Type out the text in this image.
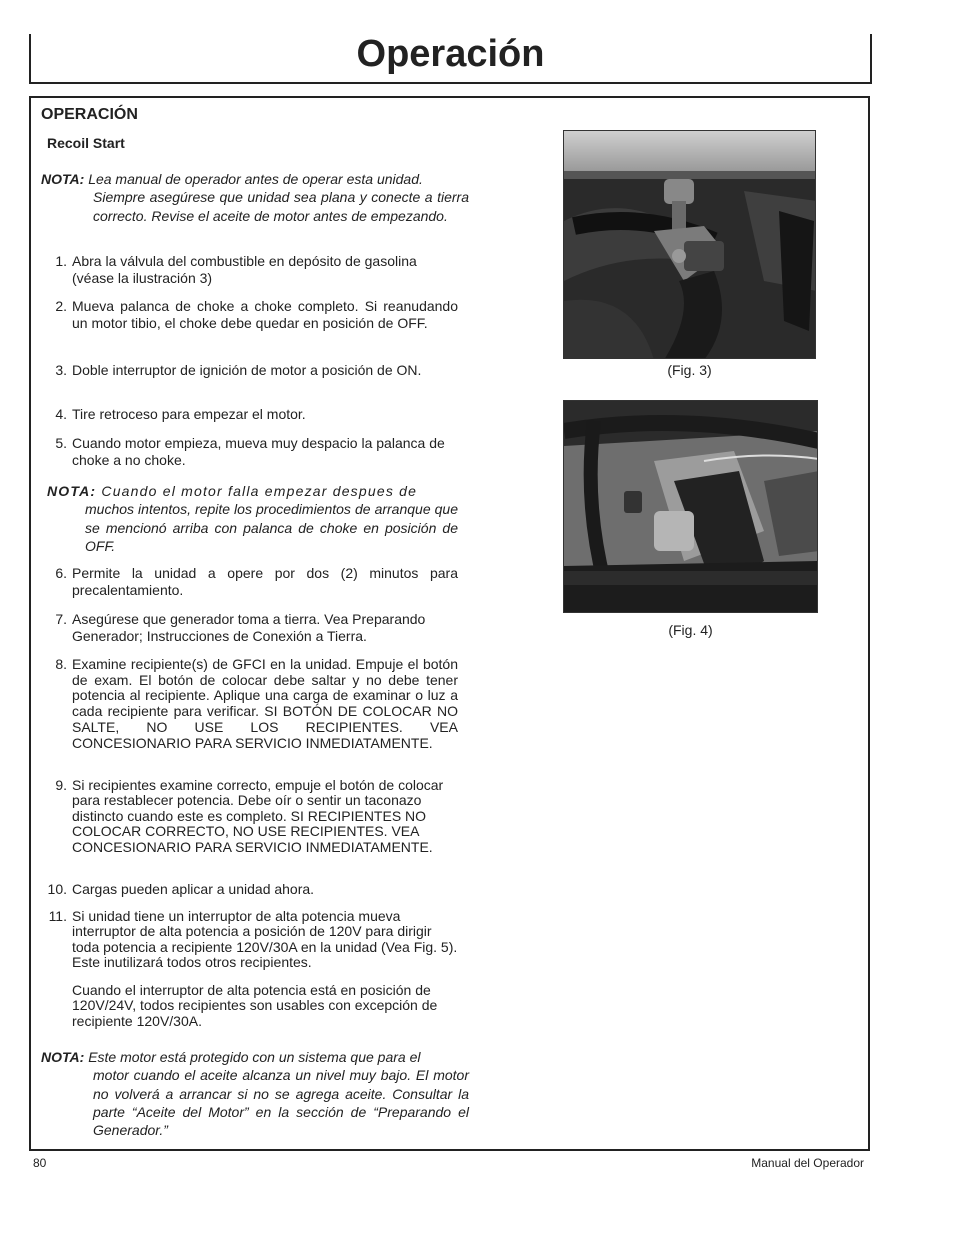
Operación
OPERACIÓN
Recoil Start
NOTA: Lea manual de operador antes de operar esta unidad.
Siempre asegúrese que unidad sea plana y conecte a tierra correcto. Revise el aceite de motor antes de empezando.
1. Abra la válvula del combustible en depósito de gasolina (véase la ilustración 3)
2. Mueva palanca de choke a choke completo. Si reanudando un motor tibio, el choke debe quedar en posición de OFF.
3. Doble interruptor de ignición de motor a posición de ON.
4. Tire retroceso para empezar el motor.
5. Cuando motor empieza, mueva muy despacio la palanca de choke a no choke.
NOTA: Cuando el motor falla empezar despues de
muchos intentos, repite los procedimientos de arranque que se mencionó arriba con palanca de choke en posición de OFF.
6. Permite la unidad a opere por dos (2) minutos para precalentamiento.
7. Asegúrese que generador toma a tierra. Vea Preparando Generador; Instrucciones de Conexión a Tierra.
8. Examine recipiente(s) de GFCI en la unidad. Empuje el botón de exam. El botón de colocar debe saltar y no debe tener potencia al recipiente. Aplique una carga de examinar o luz a cada recipiente para verificar. SI BOTÓN DE COLOCAR NO SALTE, NO USE LOS RECIPIENTES. VEA CONCESIONARIO PARA SERVICIO INMEDIATAMENTE.
9. Si recipientes examine correcto, empuje el botón de colocar para restablecer potencia. Debe oír o sentir un taconazo distincto cuando este es completo. SI RECIPIENTES NO COLOCAR CORRECTO, NO USE RECIPIENTES. VEA CONCESIONARIO PARA SERVICIO INMEDIATAMENTE.
10. Cargas pueden aplicar a unidad ahora.
11. Si unidad tiene un interruptor de alta potencia mueva interruptor de alta potencia a posición de 120V para dirigir toda potencia a recipiente 120V/30A en la unidad (Vea Fig. 5). Este inutilizará todos otros recipientes.
Cuando el interruptor de alta potencia está en posición de 120V/24V, todos recipientes son usables con excepción de recipiente 120V/30A.
NOTA: Este motor está protegido con un sistema que para el
motor cuando el aceite alcanza un nivel muy bajo. El motor no volverá a arrancar si no se agrega aceite. Consultar la parte “Aceite del Motor” en la sección de “Preparando el Generador.”
(Fig. 3)
(Fig. 4)
80	Manual del Operador
